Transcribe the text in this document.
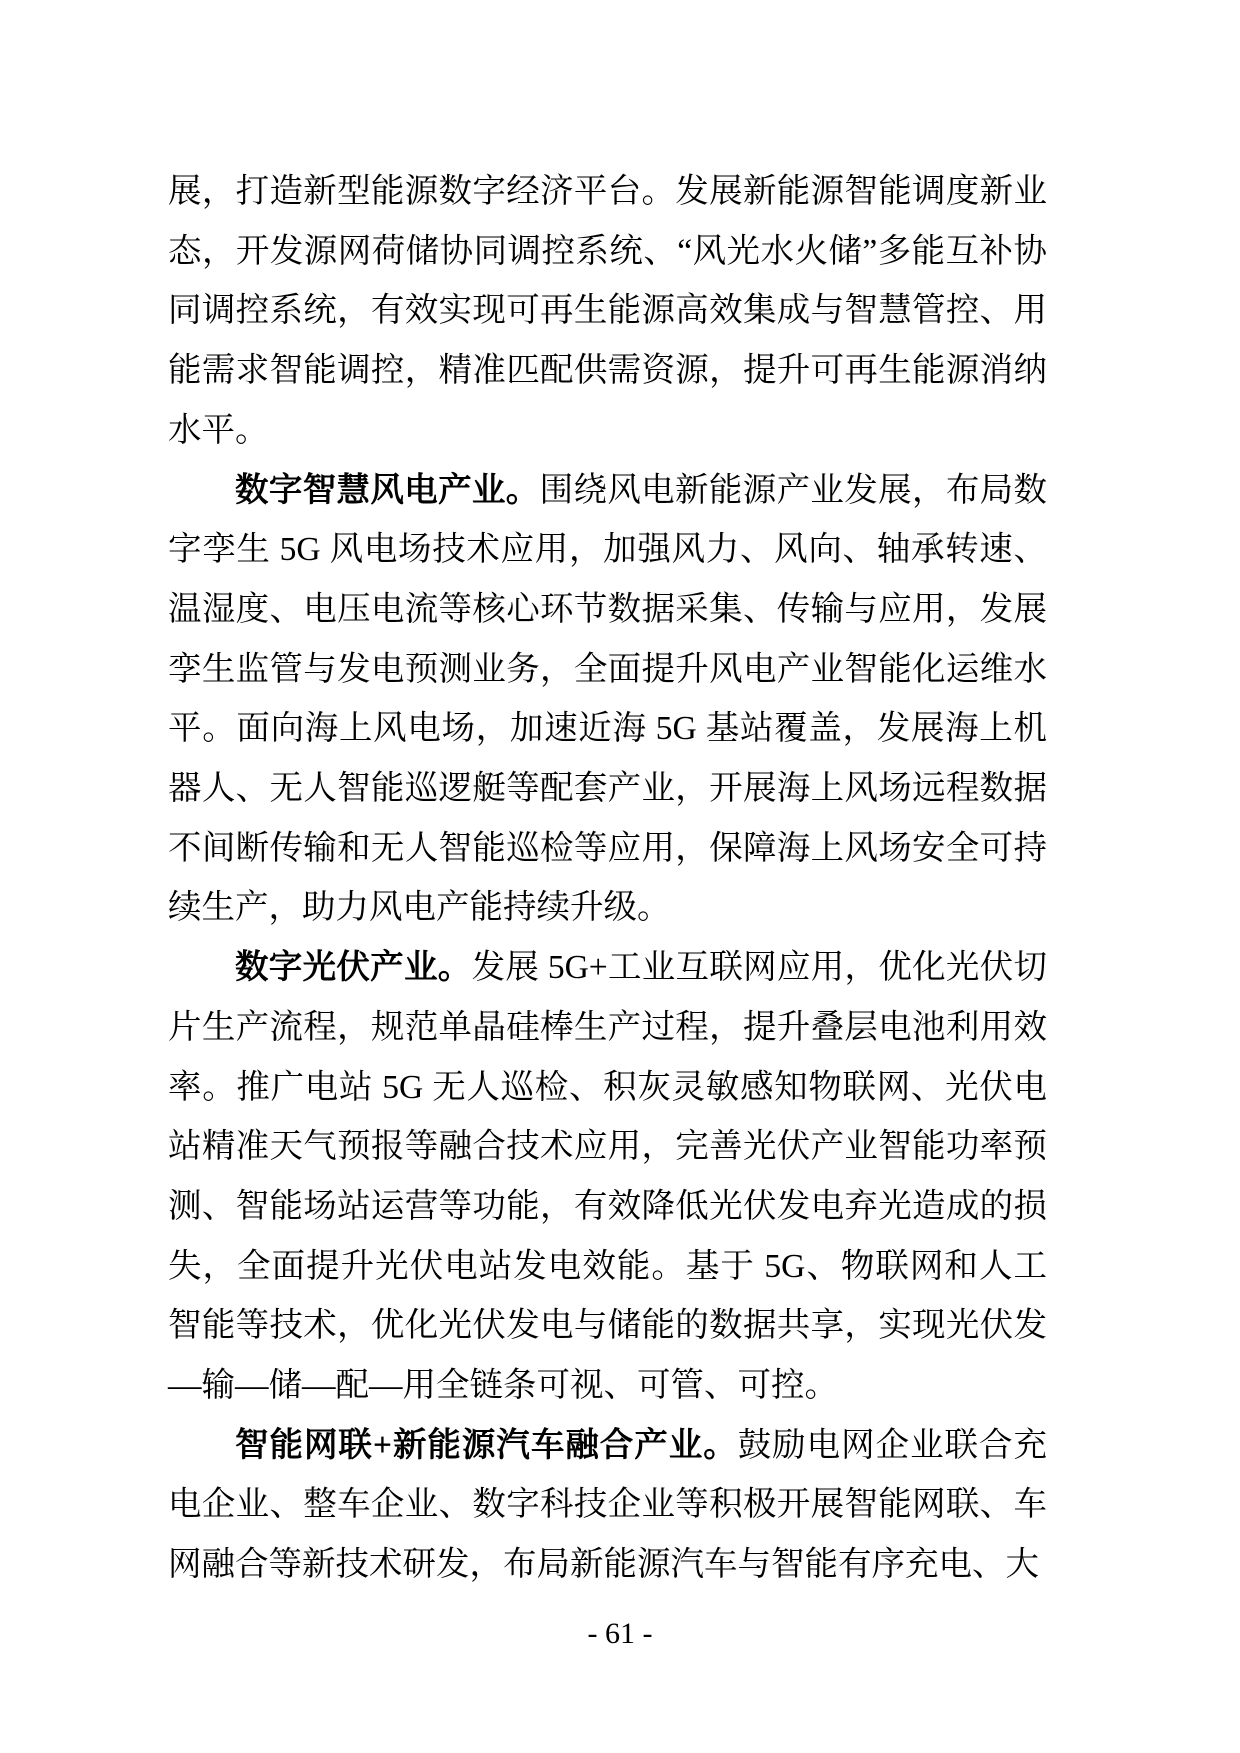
展，打造新型能源数字经济平台。发展新能源智能调度新业态，开发源网荷储协同调控系统、“风光水火储”多能互补协同调控系统，有效实现可再生能源高效集成与智慧管控、用能需求智能调控，精准匹配供需资源，提升可再生能源消纳水平。

数字智慧风电产业。围绕风电新能源产业发展，布局数字孪生 5G 风电场技术应用，加强风力、风向、轴承转速、温湿度、电压电流等核心环节数据采集、传输与应用，发展孪生监管与发电预测业务，全面提升风电产业智能化运维水平。面向海上风电场，加速近海 5G 基站覆盖，发展海上机器人、无人智能巡逻艇等配套产业，开展海上风场远程数据不间断传输和无人智能巡检等应用，保障海上风场安全可持续生产，助力风电产能持续升级。

数字光伏产业。发展 5G+工业互联网应用，优化光伏切片生产流程，规范单晶硅棒生产过程，提升叠层电池利用效率。推广电站 5G 无人巡检、积灰灵敏感知物联网、光伏电站精准天气预报等融合技术应用，完善光伏产业智能功率预测、智能场站运营等功能，有效降低光伏发电弃光造成的损失，全面提升光伏电站发电效能。基于 5G、物联网和人工智能等技术，优化光伏发电与储能的数据共享，实现光伏发—输—储—配—用全链条可视、可管、可控。

智能网联+新能源汽车融合产业。鼓励电网企业联合充电企业、整车企业、数字科技企业等积极开展智能网联、车网融合等新技术研发，布局新能源汽车与智能有序充电、大

- 61 -
